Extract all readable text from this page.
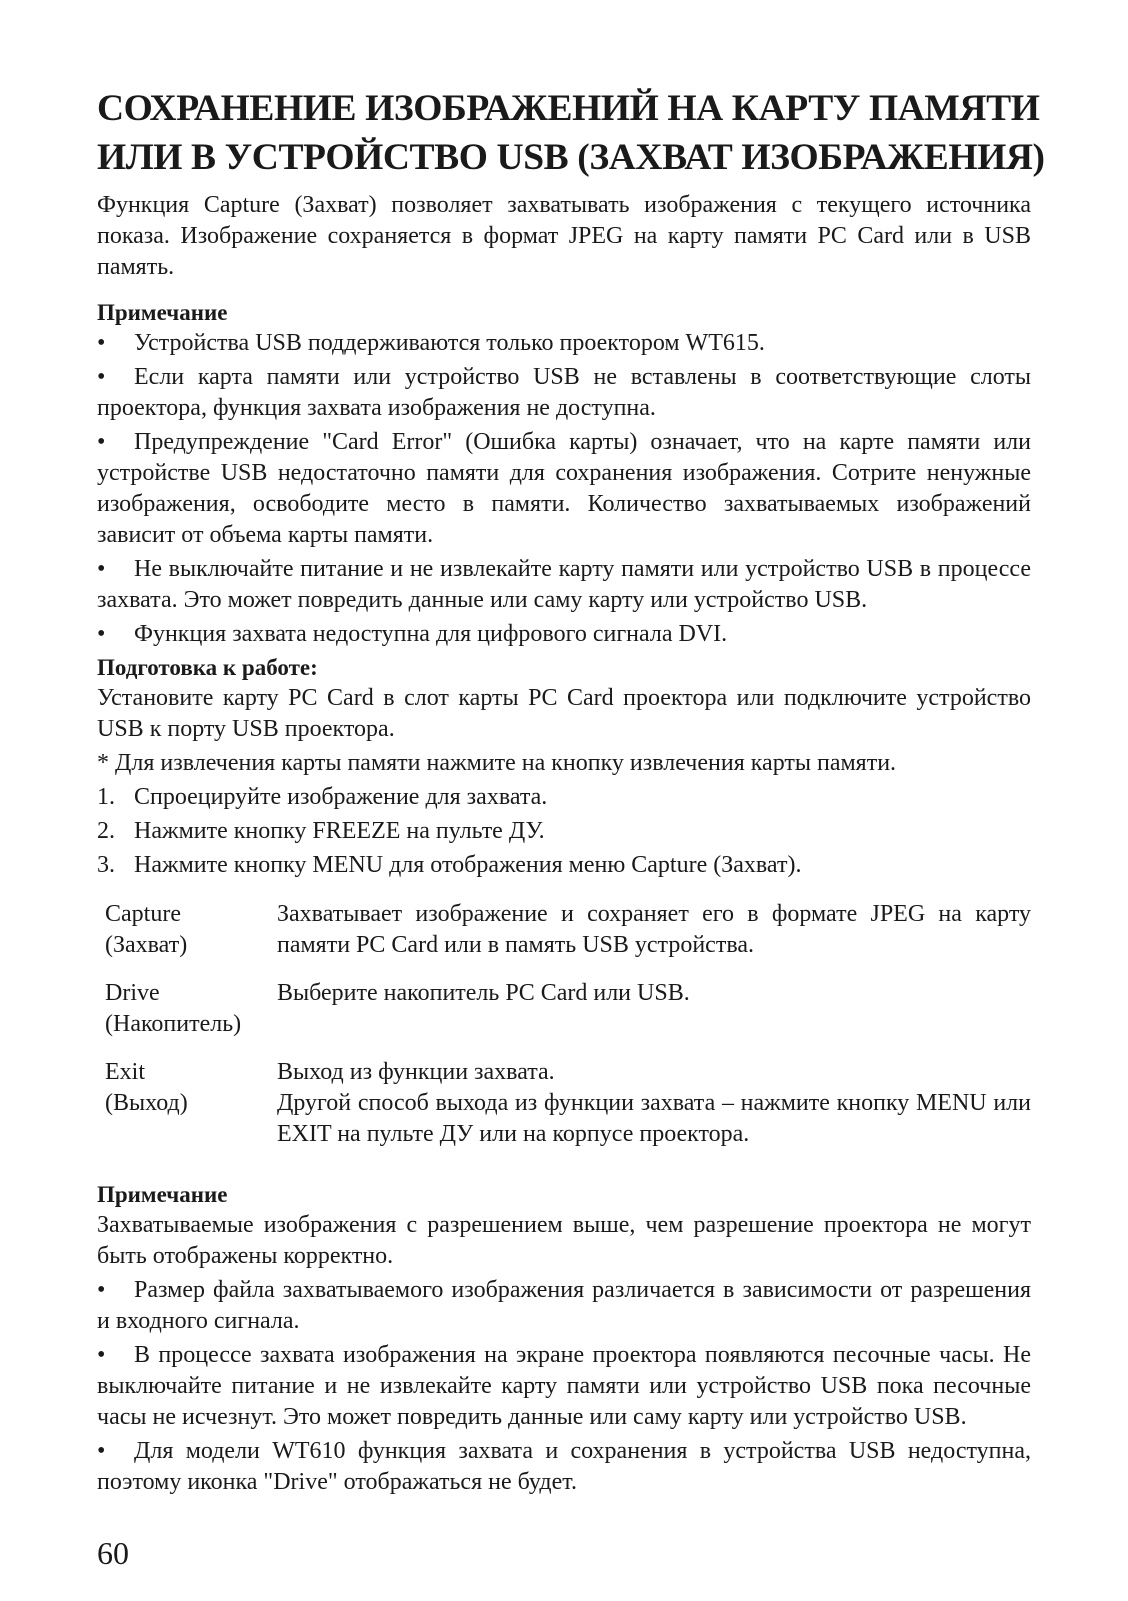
СОХРАНЕНИЕ ИЗОБРАЖЕНИЙ НА КАРТУ ПАМЯТИ
ИЛИ В УСТРОЙСТВО USB (ЗАХВАТ ИЗОБРАЖЕНИЯ)

Функция Capture (Захват) позволяет захватывать изображения с текущего источника показа. Изображение сохраняется в формат JPEG на карту памяти PC Card или в USB память.

Примечание

• Устройства USB поддерживаются только проектором WT615.

• Если карта памяти или устройство USB не вставлены в соответствующие слоты проектора, функция захвата изображения не доступна.

• Предупреждение "Card Error" (Ошибка карты) означает, что на карте памяти или устройстве USB недостаточно памяти для сохранения изображения. Сотрите ненужные изображения, освободите место в памяти. Количество захватываемых изображений зависит от объема карты памяти.

• Не выключайте питание и не извлекайте карту памяти или устройство USB в процессе захвата. Это может повредить данные или саму карту или устройство USB.

• Функция захвата недоступна для цифрового сигнала DVI.

Подготовка к работе:

Установите карту PC Card в слот карты PC Card проектора или подключите устройство USB к порту USB проектора.

* Для извлечения карты памяти нажмите на кнопку извлечения карты памяти.

1. Спроецируйте изображение для захвата.

2. Нажмите кнопку FREEZE на пульте ДУ.

3. Нажмите кнопку MENU для отображения меню Capture (Захват).

Capture
(Захват)	Захватывает изображение и сохраняет его в формате JPEG на карту памяти PC Card или в память USB устройства.
Drive
(Накопитель)	Выберите накопитель PC Card или USB.
Exit
(Выход)	Выход из функции захвата.
Другой способ выхода из функции захвата – нажмите кнопку MENU или EXIT на пульте ДУ или на корпусе проектора.

Примечание

Захватываемые изображения с разрешением выше, чем разрешение проектора не могут быть отображены корректно.

• Размер файла захватываемого изображения различается в зависимости от разрешения и входного сигнала.

• В процессе захвата изображения на экране проектора появляются песочные часы. Не выключайте питание и не извлекайте карту памяти или устройство USB пока песочные часы не исчезнут. Это может повредить данные или саму карту или устройство USB.

• Для модели WT610 функция захвата и сохранения в устройства USB недоступна, поэтому иконка "Drive" отображаться не будет.

60
